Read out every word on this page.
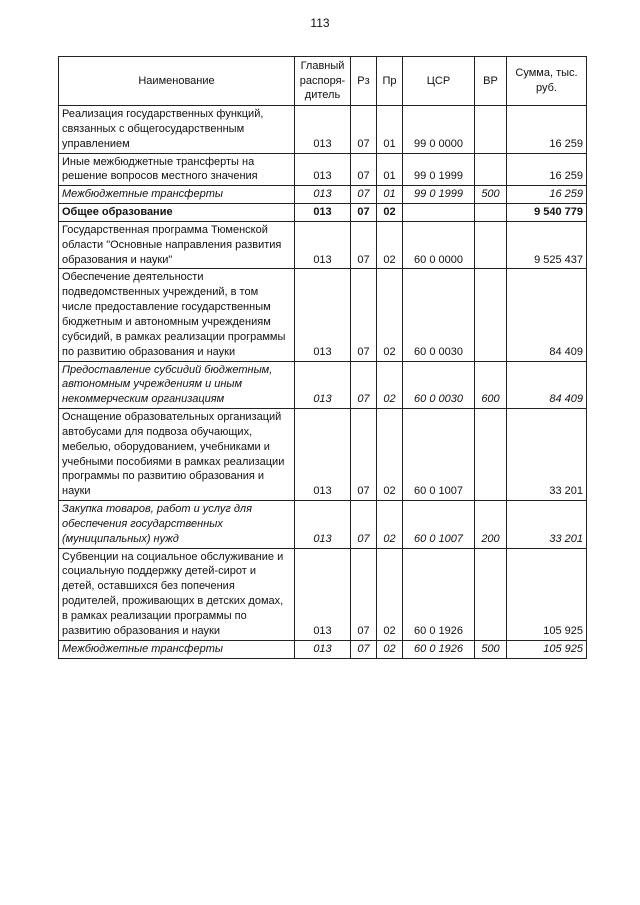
113
Наименование	Главный распоря-дитель	Рз	Пр	ЦСР	ВР	Сумма, тыс. руб.
Реализация государственных функций, связанных с общегосударственным управлением	013	07	01	99 0 0000		16 259
Иные межбюджетные трансферты на решение вопросов местного значения	013	07	01	99 0 1999		16 259
Межбюджетные трансферты	013	07	01	99 0 1999	500	16 259
Общее образование	013	07	02			9 540 779
Государственная программа Тюменской области "Основные направления развития образования и науки"	013	07	02	60 0 0000		9 525 437
Обеспечение деятельности подведомственных учреждений, в том числе предоставление государственным бюджетным и автономным учреждениям субсидий, в рамках реализации программы по развитию образования и науки	013	07	02	60 0 0030		84 409
Предоставление субсидий бюджетным, автономным учреждениям и иным некоммерческим организациям	013	07	02	60 0 0030	600	84 409
Оснащение образовательных организаций автобусами для подвоза обучающих, мебелью, оборудованием, учебниками и учебными пособиями в рамках реализации программы по развитию образования и науки	013	07	02	60 0 1007		33 201
Закупка товаров, работ и услуг для обеспечения государственных (муниципальных) нужд	013	07	02	60 0 1007	200	33 201
Субвенции на социальное обслуживание и социальную поддержку детей-сирот и детей, оставшихся без попечения родителей, проживающих в детских домах, в рамках реализации программы по развитию образования и науки	013	07	02	60 0 1926		105 925
Межбюджетные трансферты	013	07	02	60 0 1926	500	105 925
